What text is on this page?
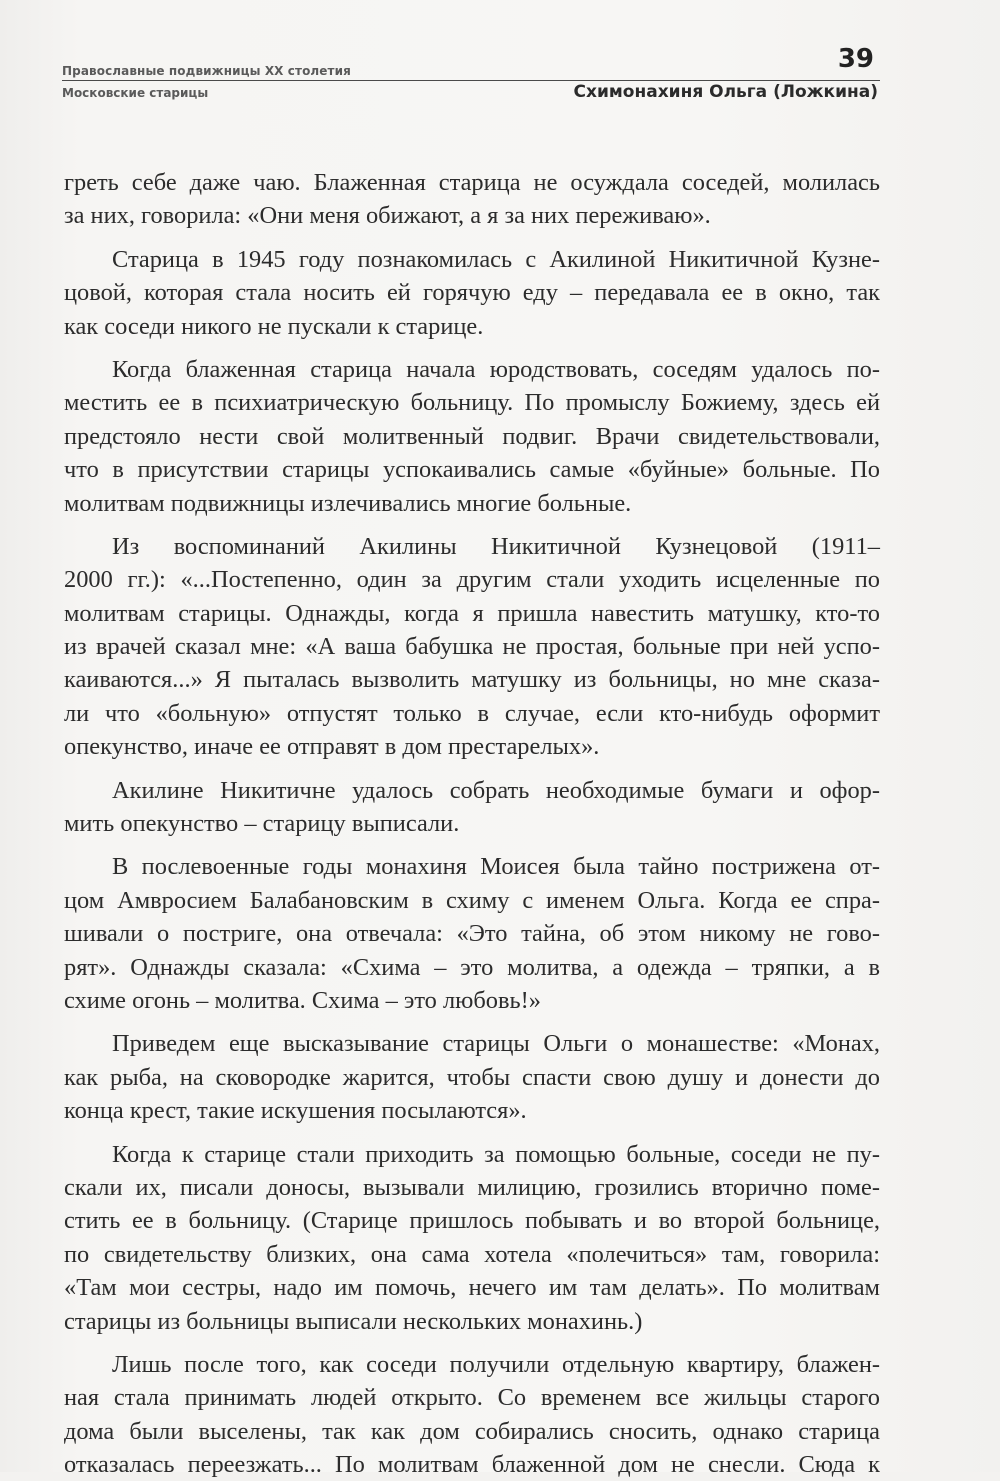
Православные подвижницы XX столетия	39
Московские старицы	Схимонахиня Ольга (Ложкина)
греть себе даже чаю. Блаженная старица не осуждала соседей, молилась
за них, говорила: «Они меня обижают, а я за них переживаю».
Старица в 1945 году познакомилась с Акилиной Никитичной Кузне-
цовой, которая стала носить ей горячую еду – передавала ее в окно, так
как соседи никого не пускали к старице.
Когда блаженная старица начала юродствовать, соседям удалось по-
местить ее в психиатрическую больницу. По промыслу Божиему, здесь ей
предстояло нести свой молитвенный подвиг. Врачи свидетельствовали,
что в присутствии старицы успокаивались самые «буйные» больные. По
молитвам подвижницы излечивались многие больные.
Из воспоминаний Акилины Никитичной Кузнецовой (1911–
2000 гг.): «...Постепенно, один за другим стали уходить исцеленные по
молитвам старицы. Однажды, когда я пришла навестить матушку, кто-то
из врачей сказал мне: «А ваша бабушка не простая, больные при ней успо-
каиваются...» Я пыталась вызволить матушку из больницы, но мне сказа-
ли что «больную» отпустят только в случае, если кто-нибудь оформит
опекунство, иначе ее отправят в дом престарелых».
Акилине Никитичне удалось собрать необходимые бумаги и офор-
мить опекунство – старицу выписали.
В послевоенные годы монахиня Моисея была тайно пострижена от-
цом Амвросием Балабановским в схиму с именем Ольга. Когда ее спра-
шивали о постриге, она отвечала: «Это тайна, об этом никому не гово-
рят». Однажды сказала: «Схима – это молитва, а одежда – тряпки, а в
схиме огонь – молитва. Схима – это любовь!»
Приведем еще высказывание старицы Ольги о монашестве: «Монах,
как рыба, на сковородке жарится, чтобы спасти свою душу и донести до
конца крест, такие искушения посылаются».
Когда к старице стали приходить за помощью больные, соседи не пу-
скали их, писали доносы, вызывали милицию, грозились вторично поме-
стить ее в больницу. (Старице пришлось побывать и во второй больнице,
по свидетельству близких, она сама хотела «полечиться» там, говорила:
«Там мои сестры, надо им помочь, нечего им там делать». По молитвам
старицы из больницы выписали нескольких монахинь.)
Лишь после того, как соседи получили отдельную квартиру, блажен-
ная стала принимать людей открыто. Со временем все жильцы старого
дома были выселены, так как дом собирались сносить, однако старица
отказалась переезжать... По молитвам блаженной дом не снесли. Сюда к
